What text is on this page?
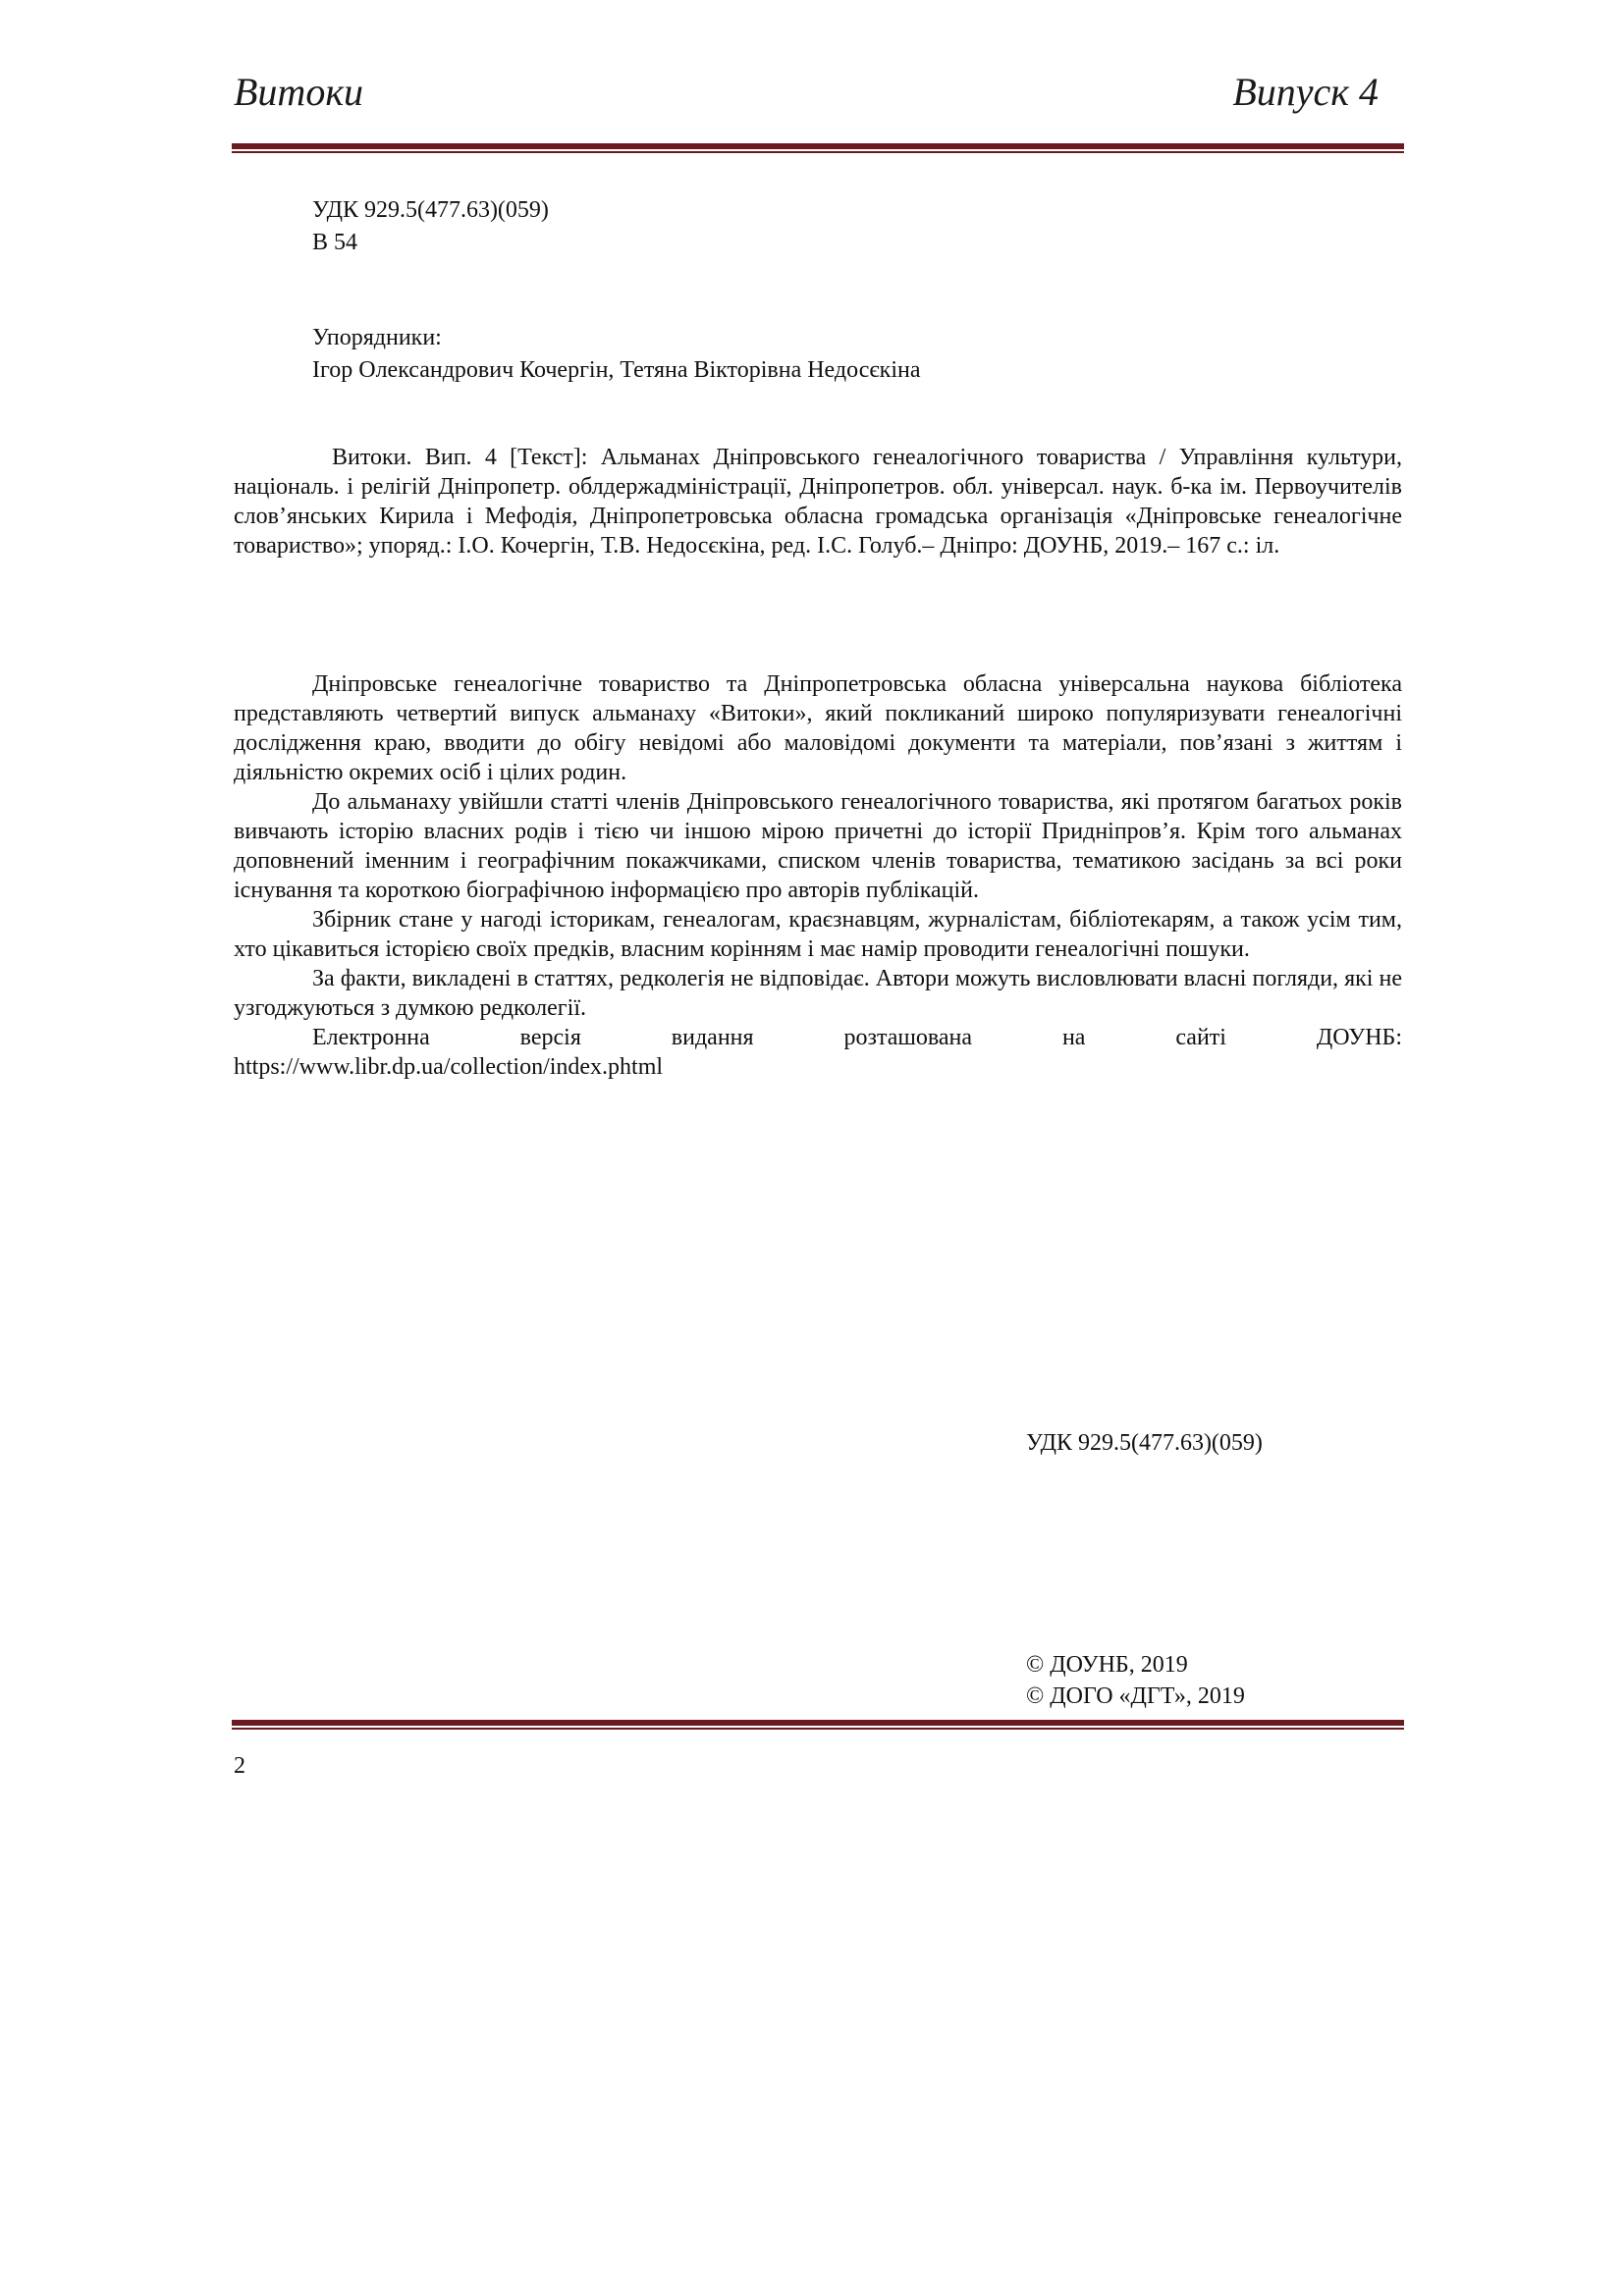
Витоки	Випуск 4
УДК 929.5(477.63)(059)
В 54
Упорядники:
Ігор Олександрович Кочергін, Тетяна Вікторівна Недосєкіна
Витоки. Вип. 4 [Текст]: Альманах Дніпровського генеалогічного товариства / Управління культури, національ. і релігій Дніпропетр. облдержадміністрації, Дніпропетров. обл. універсал. наук. б-ка ім. Первоучителів слов’янських Кирила і Мефодія, Дніпропетровська обласна громадська організація «Дніпровське генеалогічне товариство»; упоряд.: І.О. Кочергін, Т.В. Недосєкіна, ред. І.С. Голуб.– Дніпро: ДОУНБ, 2019.– 167 с.: іл.

Дніпровське генеалогічне товариство та Дніпропетровська обласна універсальна наукова бібліотека представляють четвертий випуск альманаху «Витоки», який покликаний широко популяризувати генеалогічні дослідження краю, вводити до обігу невідомі або маловідомі документи та матеріали, пов’язані з життям і діяльністю окремих осіб і цілих родин.

До альманаху увійшли статті членів Дніпровського генеалогічного товариства, які протягом багатьох років вивчають історію власних родів і тією чи іншою мірою причетні до історії Придніпров’я. Крім того альманах доповнений іменним і географічним покажчиками, списком членів товариства, тематикою засідань за всі роки існування та короткою біографічною інформацією про авторів публікацій.

Збірник стане у нагоді історикам, генеалогам, краєзнавцям, журналістам, бібліотекарям, а також усім тим, хто цікавиться історією своїх предків, власним корінням і має намір проводити генеалогічні пошуки.

За факти, викладені в статтях, редколегія не відповідає. Автори можуть висловлювати власні погляди, які не узгоджуються з думкою редколегії.

Електронна версія видання розташована на сайті ДОУНБ:

https://www.libr.dp.ua/collection/index.phtml

УДК 929.5(477.63)(059)
© ДОУНБ, 2019
© ДОГО «ДГТ», 2019
2
